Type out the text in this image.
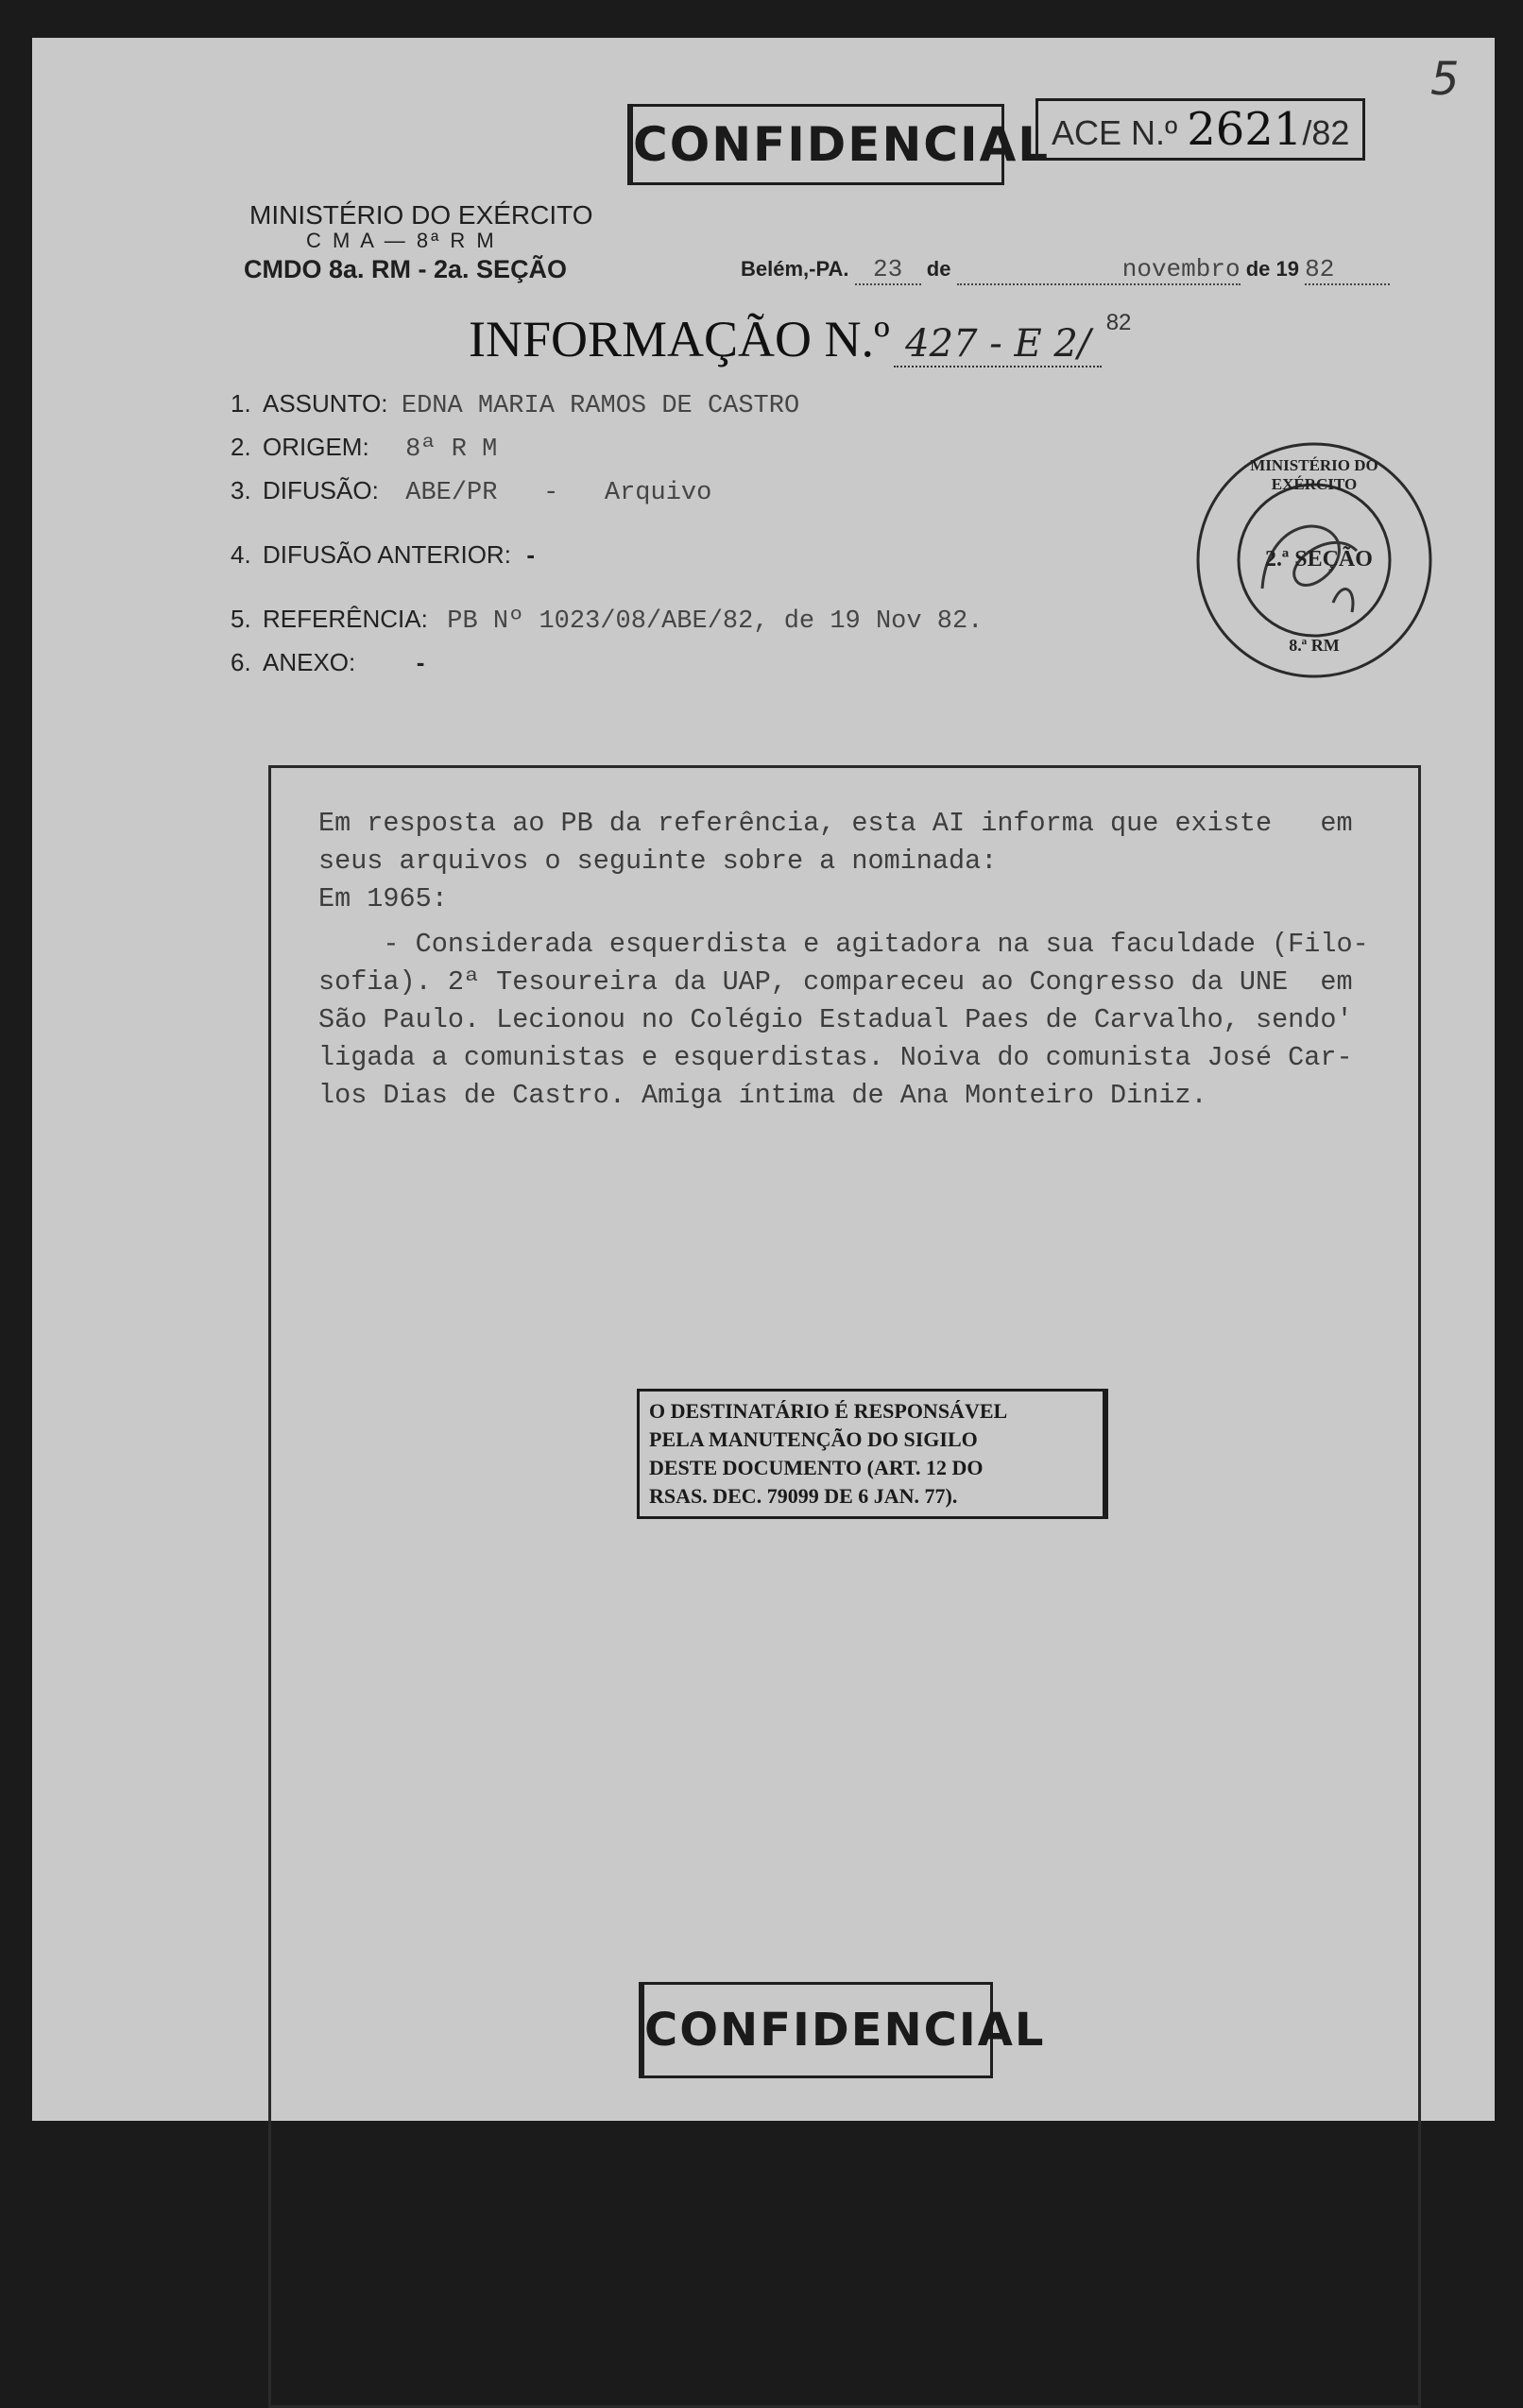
CONFIDENCIAL ACE N.º 2621/82
5
MINISTÉRIO DO EXÉRCITO
C M A — 8ª R M
CMDO 8a. RM - 2a. SEÇÃO	Belém,-PA. 23 de	novembro de 19 82
INFORMAÇÃO N.º 427 - E 2/ 82
1. ASSUNTO: EDNA MARIA RAMOS DE CASTRO
2. ORIGEM: 8ª R M
3. DIFUSÃO: ABE/PR   -   Arquivo
4. DIFUSÃO ANTERIOR: -
5. REFERÊNCIA: PB Nº 1023/08/ABE/82, de 19 Nov 82.
6. ANEXO: -
MINISTÉRIO DO EXÉRCITO
2.ª SEÇÃO
8.ª RM
Em resposta ao PB da referência, esta AI informa que existe   em
seus arquivos o seguinte sobre a nominada:
Em 1965:
- Considerada esquerdista e agitadora na sua faculdade (Filo-
sofia). 2ª Tesoureira da UAP, compareceu ao Congresso da UNE  em
São Paulo. Lecionou no Colégio Estadual Paes de Carvalho, sendo'
ligada a comunistas e esquerdistas. Noiva do comunista José Car-
los Dias de Castro. Amiga íntima de Ana Monteiro Diniz.
O DESTINATÁRIO É RESPONSÁVEL
PELA MANUTENÇÃO DO SIGILO
DESTE DOCUMENTO (ART. 12 DO
RSAS. DEC. 79099 DE 6 JAN. 77).
CONFIDENCIAL
